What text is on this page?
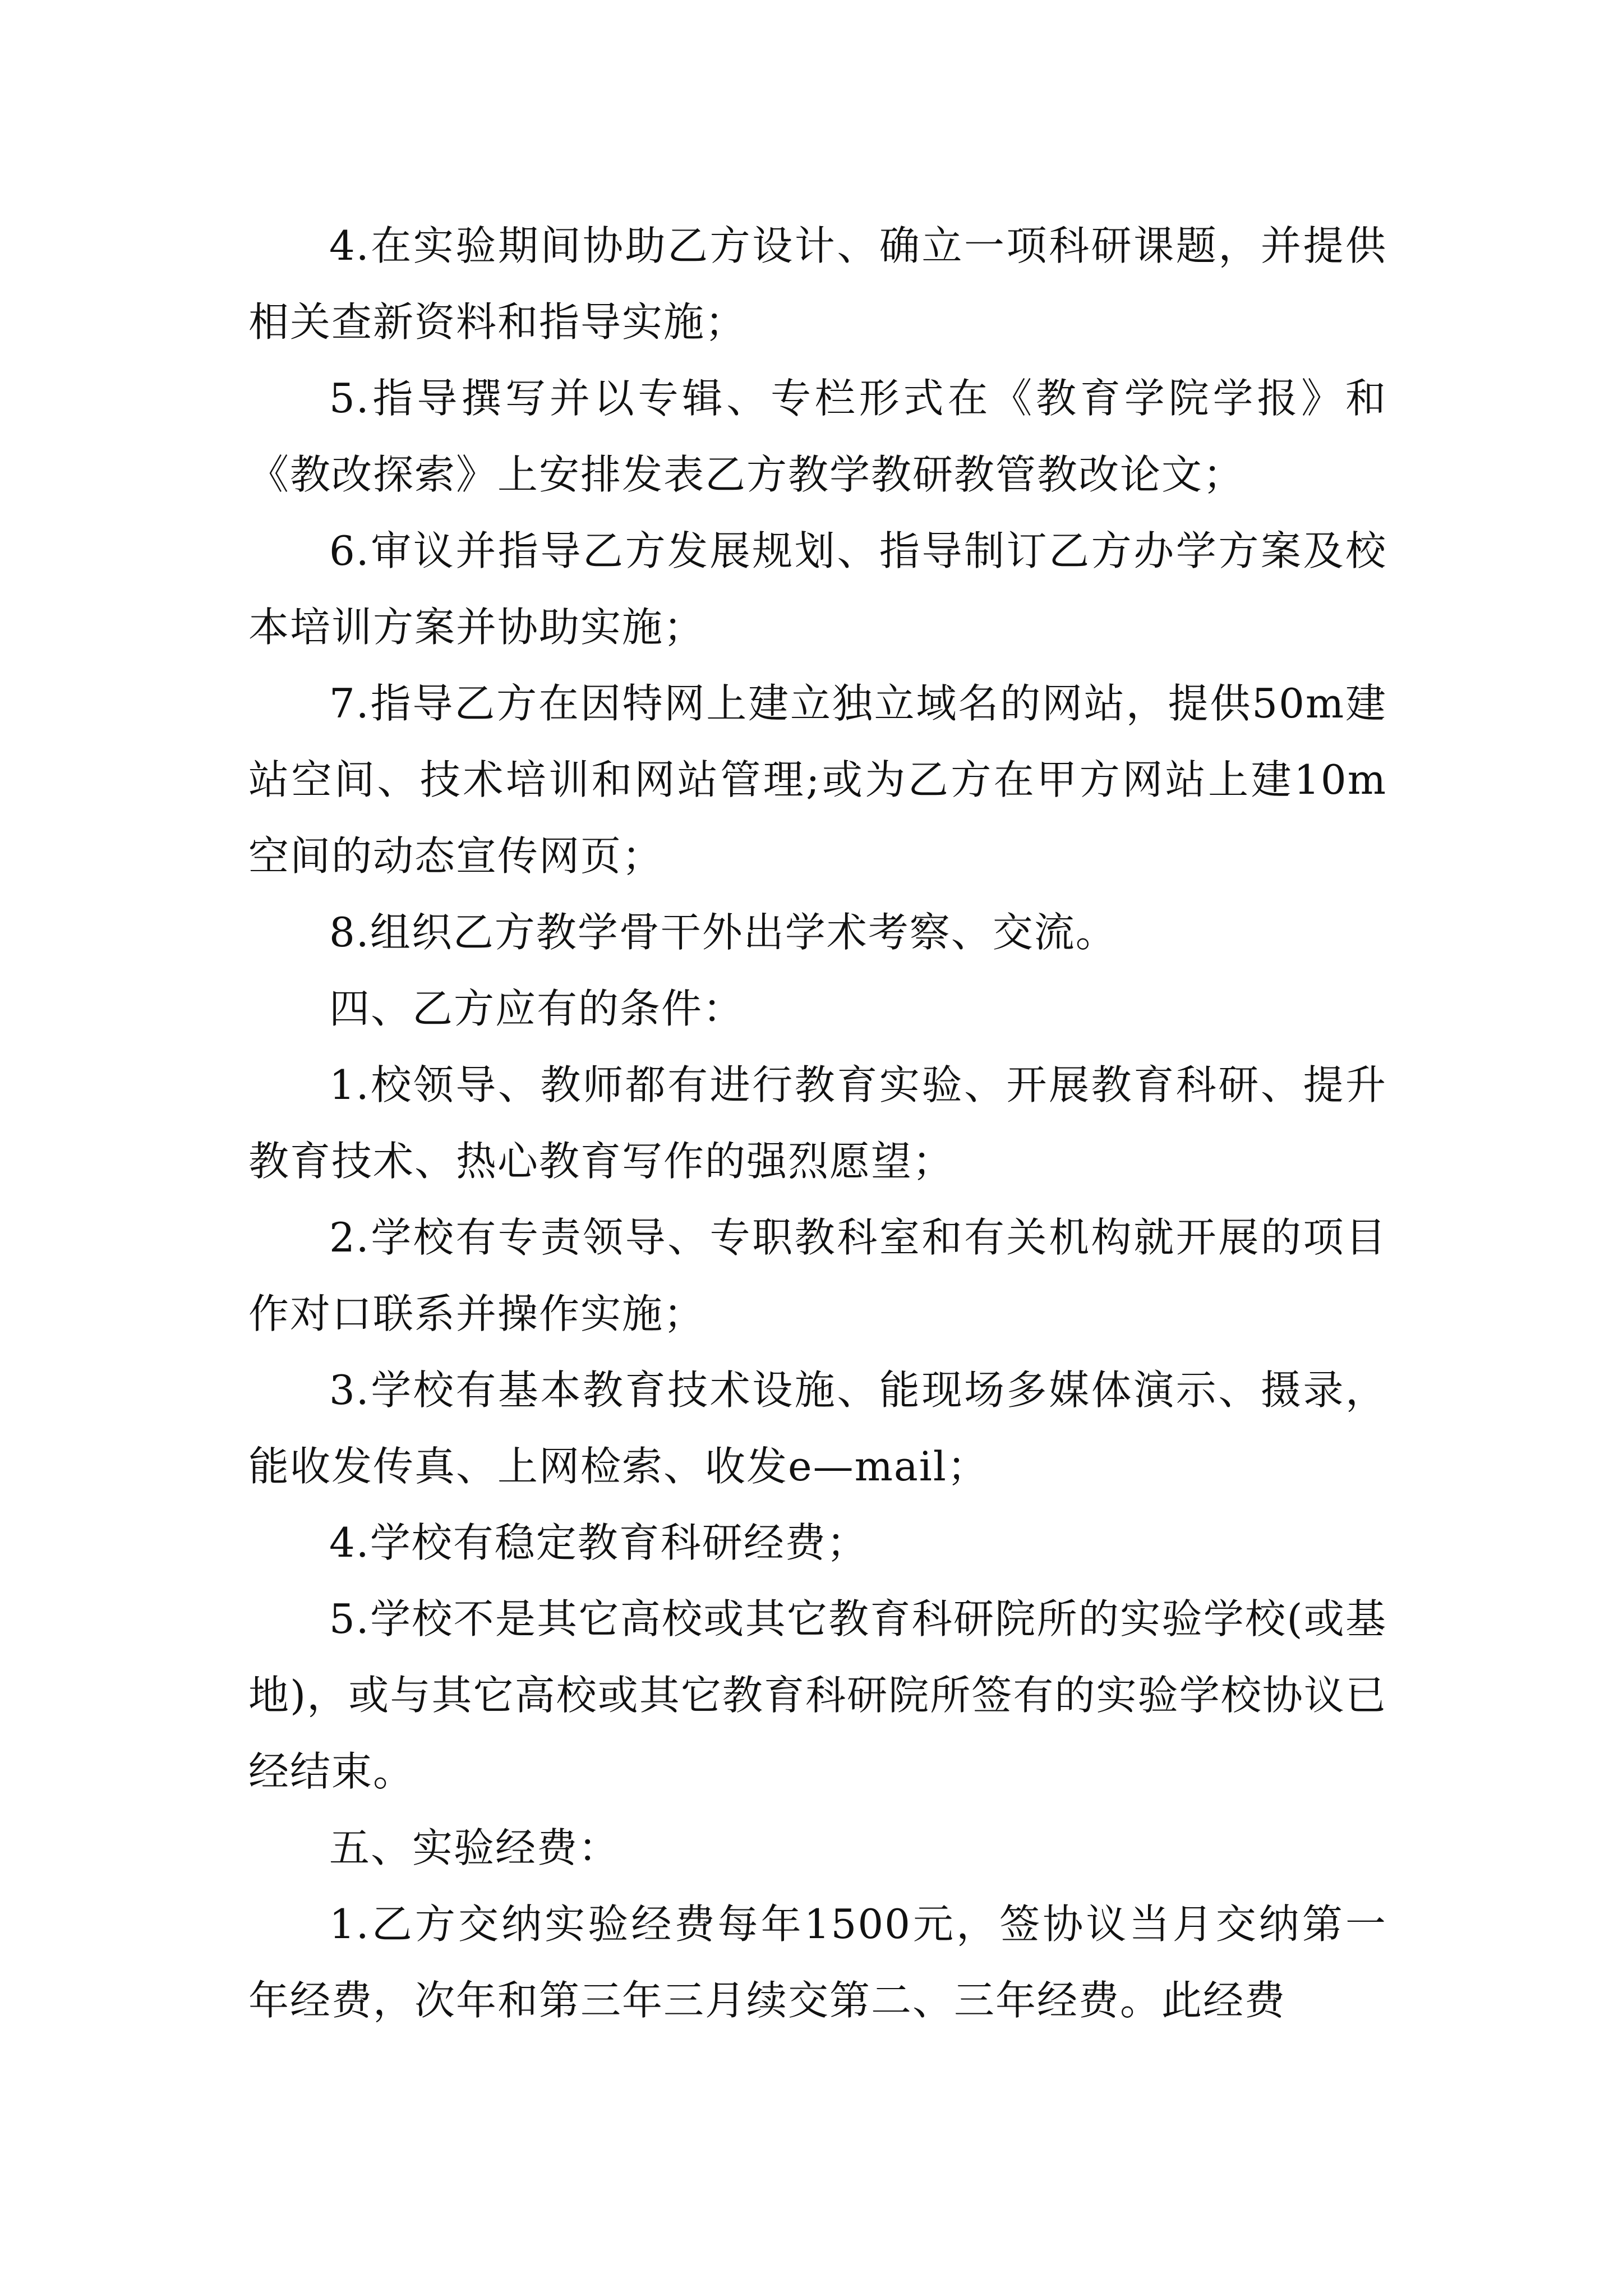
4.在实验期间协助乙方设计、确立一项科研课题，并提供相关查新资料和指导实施；

5.指导撰写并以专辑、专栏形式在《教育学院学报》和《教改探索》上安排发表乙方教学教研教管教改论文；

6.审议并指导乙方发展规划、指导制订乙方办学方案及校本培训方案并协助实施；

7.指导乙方在因特网上建立独立域名的网站，提供50m建站空间、技术培训和网站管理;或为乙方在甲方网站上建10m空间的动态宣传网页；

8.组织乙方教学骨干外出学术考察、交流。

四、乙方应有的条件：

1.校领导、教师都有进行教育实验、开展教育科研、提升教育技术、热心教育写作的强烈愿望；

2.学校有专责领导、专职教科室和有关机构就开展的项目作对口联系并操作实施；

3.学校有基本教育技术设施、能现场多媒体演示、摄录，能收发传真、上网检索、收发e—mail；

4.学校有稳定教育科研经费；

5.学校不是其它高校或其它教育科研院所的实验学校(或基地)，或与其它高校或其它教育科研院所签有的实验学校协议已经结束。

五、实验经费：

1.乙方交纳实验经费每年1500元，签协议当月交纳第一年经费，次年和第三年三月续交第二、三年经费。此经费
